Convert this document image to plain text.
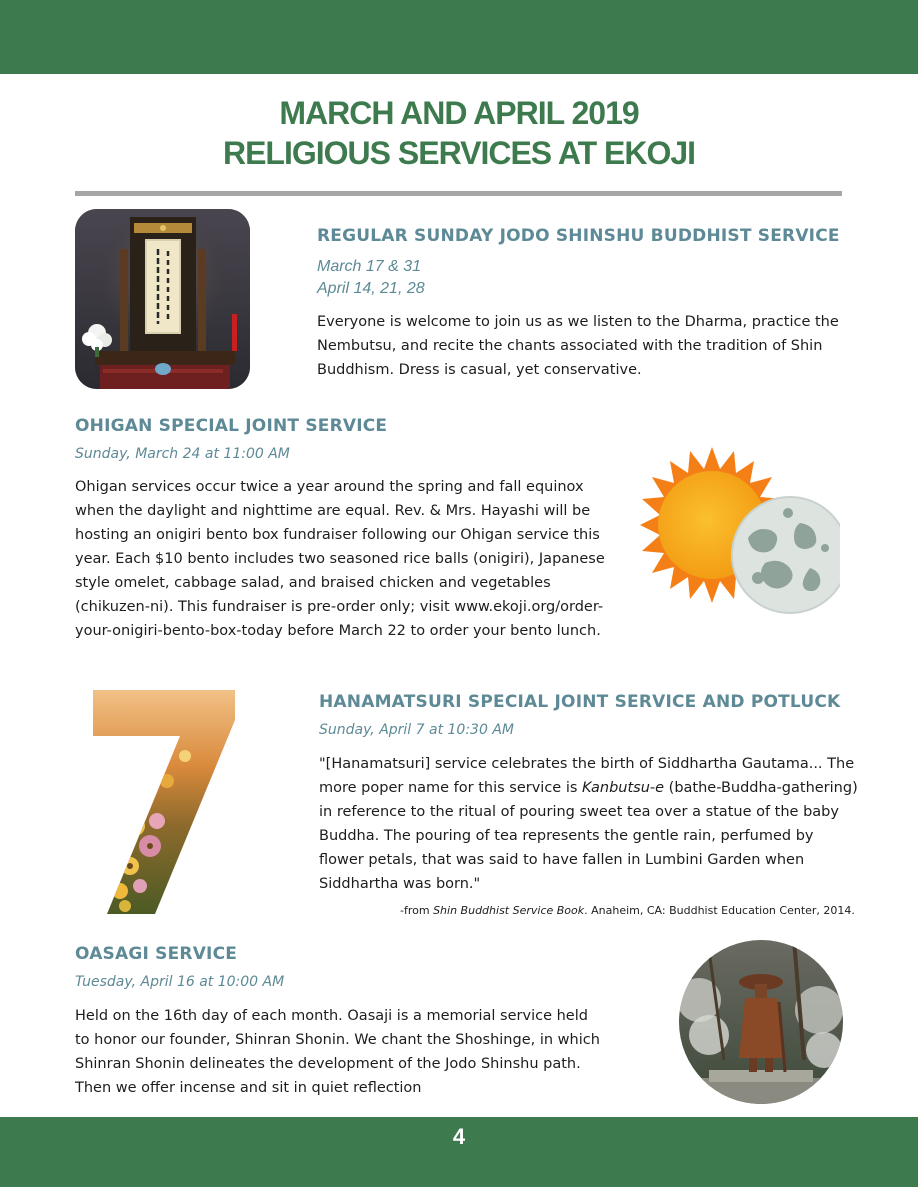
MARCH AND APRIL 2019
RELIGIOUS SERVICES AT EKOJI
REGULAR SUNDAY JODO SHINSHU BUDDHIST SERVICE
March 17 & 31
April 14, 21, 28

Everyone is welcome to join us as we listen to the Dharma, practice the Nembutsu, and recite the chants associated with the tradition of Shin Buddhism. Dress is casual, yet conservative.

OHIGAN SPECIAL JOINT SERVICE
Sunday, March 24 at 11:00 AM

Ohigan services occur twice a year around the spring and fall equinox when the daylight and nighttime are equal. Rev. & Mrs. Hayashi will be hosting an onigiri bento box fundraiser following our Ohigan service this year. Each $10 bento includes two seasoned rice balls (onigiri), Japanese style omelet, cabbage salad, and braised chicken and vegetables (chikuzen-ni). This fundraiser is pre-order only; visit www.ekoji.org/order-your-onigiri-bento-box-today before March 22 to order your bento lunch.

HANAMATSURI SPECIAL JOINT SERVICE AND POTLUCK
Sunday, April 7 at 10:30 AM

"[Hanamatsuri] service celebrates the birth of Siddhartha Gautama... The more poper name for this service is Kanbutsu-e (bathe-Buddha-gathering) in reference to the ritual of pouring sweet tea over a statue of the baby Buddha. The pouring of tea represents the gentle rain, perfumed by flower petals, that was said to have fallen in Lumbini Garden when Siddhartha was born."

-from Shin Buddhist Service Book. Anaheim, CA: Buddhist Education Center, 2014.
OASAGI SERVICE
Tuesday, April 16 at 10:00 AM

Held on the 16th day of each month. Oasaji is a memorial service held to honor our founder, Shinran Shonin. We chant the Shoshinge, in which Shinran Shonin delineates the development of the Jodo Shinshu path. Then we offer incense and sit in quiet reflection

4
